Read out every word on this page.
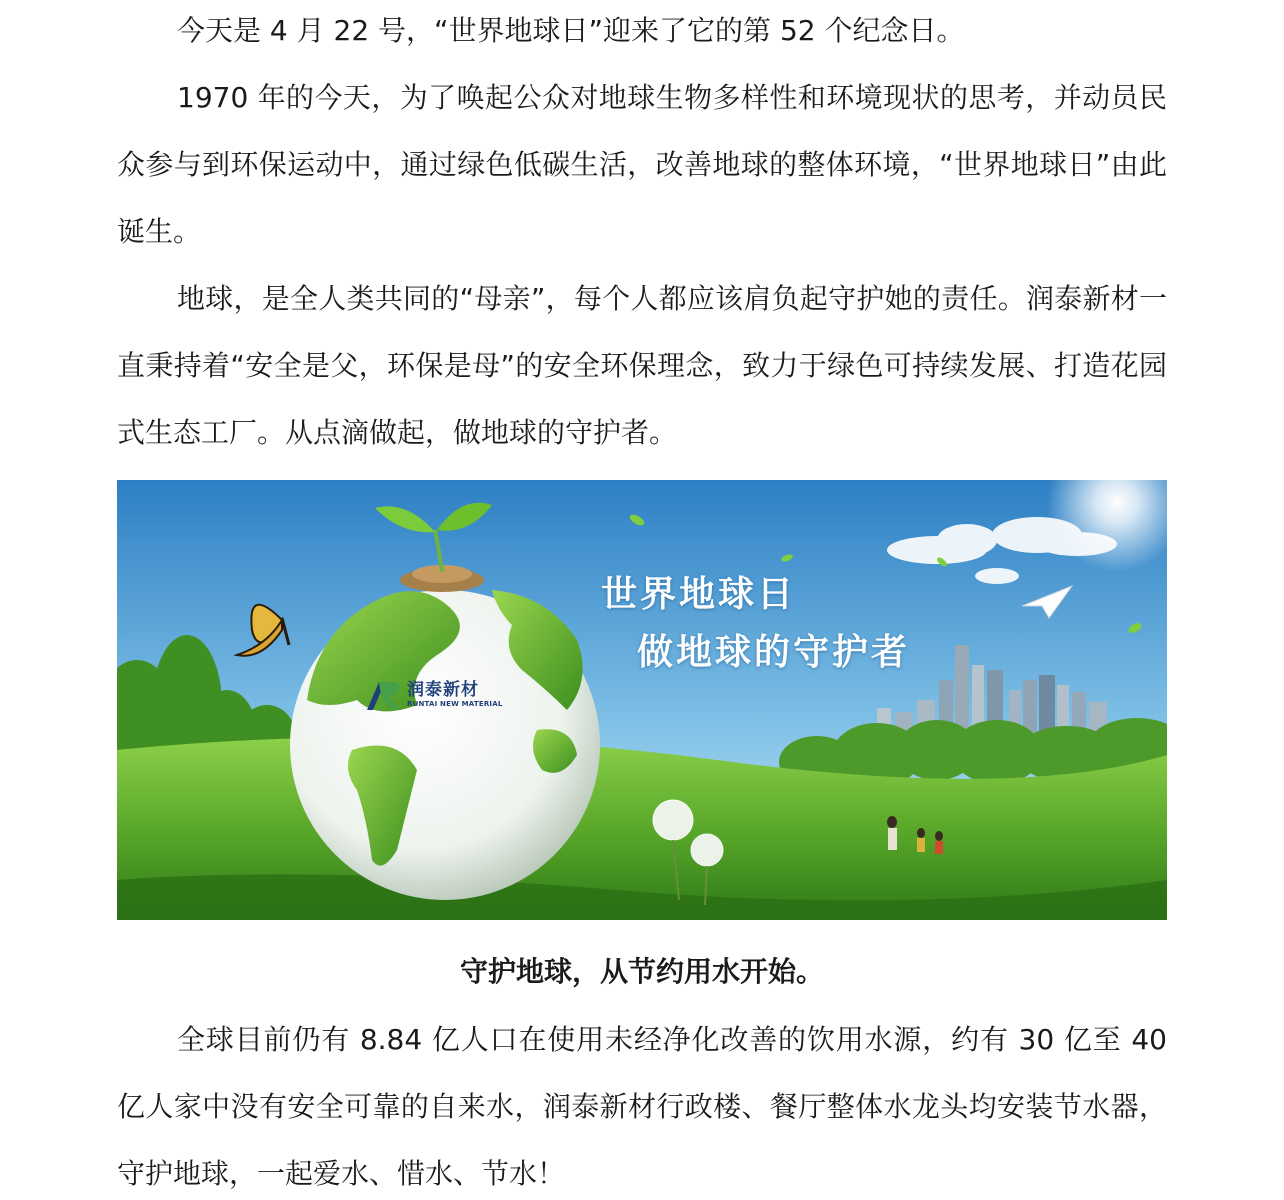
今天是 4 月 22 号，“世界地球日”迎来了它的第 52 个纪念日。

1970 年的今天，为了唤起公众对地球生物多样性和环境现状的思考，并动员民众参与到环保运动中，通过绿色低碳生活，改善地球的整体环境，“世界地球日”由此诞生。

地球，是全人类共同的“母亲”，每个人都应该肩负起守护她的责任。润泰新材一直秉持着“安全是父，环保是母”的安全环保理念，致力于绿色可持续发展、打造花园式生态工厂。从点滴做起，做地球的守护者。

世界地球日
做地球的守护者
润泰新材
RUNTAI NEW MATERIAL
守护地球，从节约用水开始。

全球目前仍有 8.84 亿人口在使用未经净化改善的饮用水源，约有 30 亿至 40 亿人家中没有安全可靠的自来水，润泰新材行政楼、餐厅整体水龙头均安装节水器，守护地球，一起爱水、惜水、节水！
